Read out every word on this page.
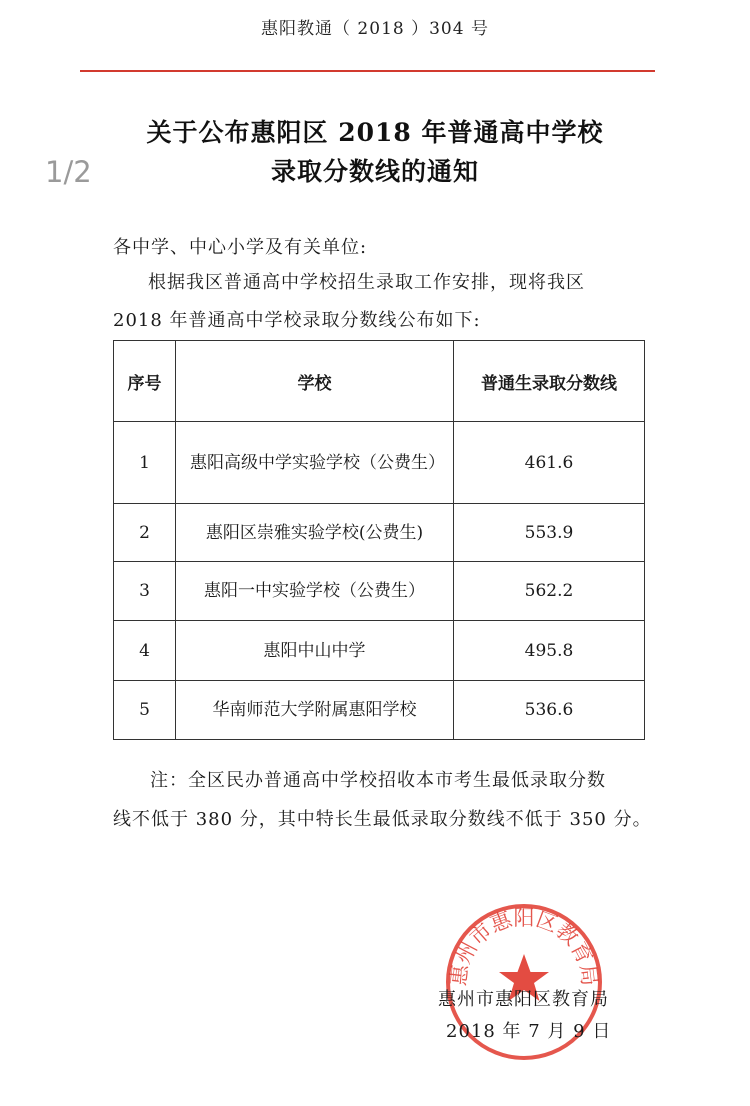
惠阳教通（ 2018 ）304 号
1/2
关于公布惠阳区 2018 年普通高中学校
录取分数线的通知
各中学、中心小学及有关单位:
根据我区普通高中学校招生录取工作安排，现将我区
2018 年普通高中学校录取分数线公布如下:
序号	学校	普通生录取分数线
1	惠阳高级中学实验学校（公费生）	461.6
2	惠阳区崇雅实验学校(公费生)	553.9
3	惠阳一中实验学校（公费生）	562.2
4	惠阳中山中学	495.8
5	华南师范大学附属惠阳学校	536.6
注：全区民办普通高中学校招收本市考生最低录取分数
线不低于 380 分，其中特长生最低录取分数线不低于 350 分。
惠州市惠阳区教育局
惠州市惠阳区教育局
2018 年 7 月 9 日
